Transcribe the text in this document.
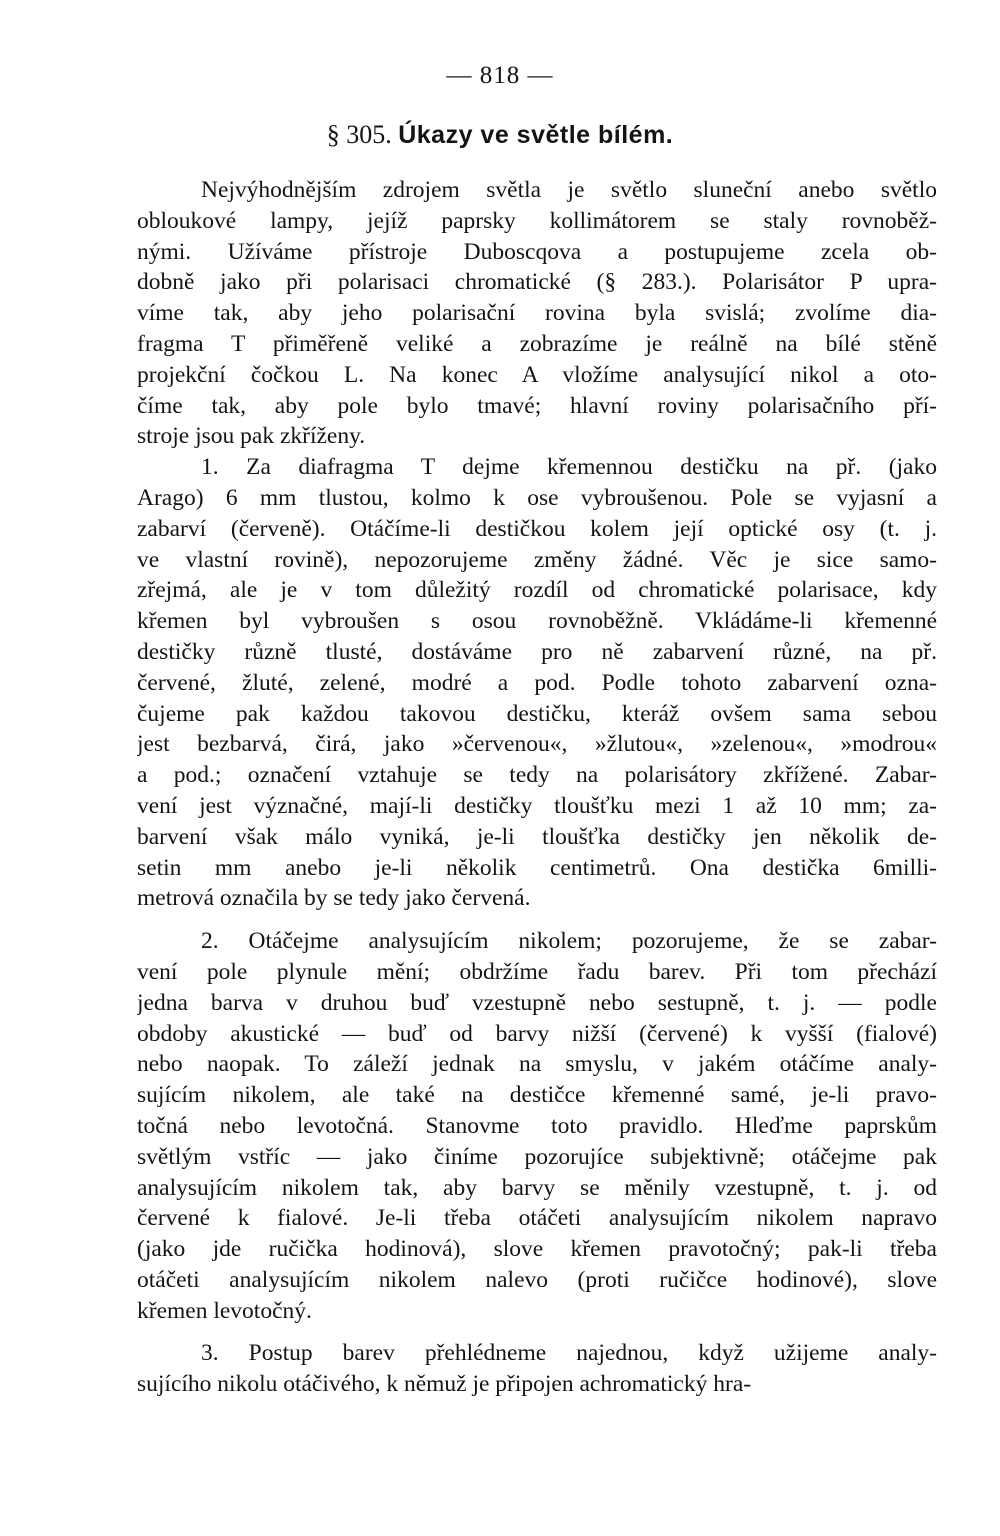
— 818 —
§ 305. Úkazy ve světle bílém.
Nejvýhodnějším zdrojem světla je světlo sluneční anebo světlo
obloukové lampy, jejíž paprsky kollimátorem se staly rovnoběž-
nými. Užíváme přístroje Duboscqova a postupujeme zcela ob-
dobně jako při polarisaci chromatické (§ 283.). Polarisátor P upra-
víme tak, aby jeho polarisační rovina byla svislá; zvolíme dia-
fragma T přiměřeně veliké a zobrazíme je reálně na bílé stěně
projekční čočkou L. Na konec A vložíme analysující nikol a oto-
číme tak, aby pole bylo tmavé; hlavní roviny polarisačního pří-
stroje jsou pak zkříženy.
1. Za diafragma T dejme křemennou destičku na př. (jako
Arago) 6 mm tlustou, kolmo k ose vybroušenou. Pole se vyjasní a
zabarví (červeně). Otáčíme-li destičkou kolem její optické osy (t. j.
ve vlastní rovině), nepozorujeme změny žádné. Věc je sice samo-
zřejmá, ale je v tom důležitý rozdíl od chromatické polarisace, kdy
křemen byl vybroušen s osou rovnoběžně. Vkládáme-li křemenné
destičky různě tlusté, dostáváme pro ně zabarvení různé, na př.
červené, žluté, zelené, modré a pod. Podle tohoto zabarvení ozna-
čujeme pak každou takovou destičku, kteráž ovšem sama sebou
jest bezbarvá, čirá, jako »červenou«, »žlutou«, »zelenou«, »modrou«
a pod.; označení vztahuje se tedy na polarisátory zkřížené. Zabar-
vení jest význačné, mají-li destičky tloušťku mezi 1 až 10 mm; za-
barvení však málo vyniká, je-li tloušťka destičky jen několik de-
setin mm anebo je-li několik centimetrů. Ona destička 6milli-
metrová označila by se tedy jako červená.
2. Otáčejme analysujícím nikolem; pozorujeme, že se zabar-
vení pole plynule mění; obdržíme řadu barev. Při tom přechází
jedna barva v druhou buď vzestupně nebo sestupně, t. j. — podle
obdoby akustické — buď od barvy nižší (červené) k vyšší (fialové)
nebo naopak. To záleží jednak na smyslu, v jakém otáčíme analy-
sujícím nikolem, ale také na destičce křemenné samé, je-li pravo-
točná nebo levotočná. Stanovme toto pravidlo. Hleďme paprskům
světlým vstříc — jako činíme pozorujíce subjektivně; otáčejme pak
analysujícím nikolem tak, aby barvy se měnily vzestupně, t. j. od
červené k fialové. Je-li třeba otáčeti analysujícím nikolem napravo
(jako jde ručička hodinová), slove křemen pravotočný; pak-li třeba
otáčeti analysujícím nikolem nalevo (proti ručičce hodinové), slove
křemen levotočný.
3. Postup barev přehlédneme najednou, když užijeme analy-
sujícího nikolu otáčivého, k němuž je připojen achromatický hra-
